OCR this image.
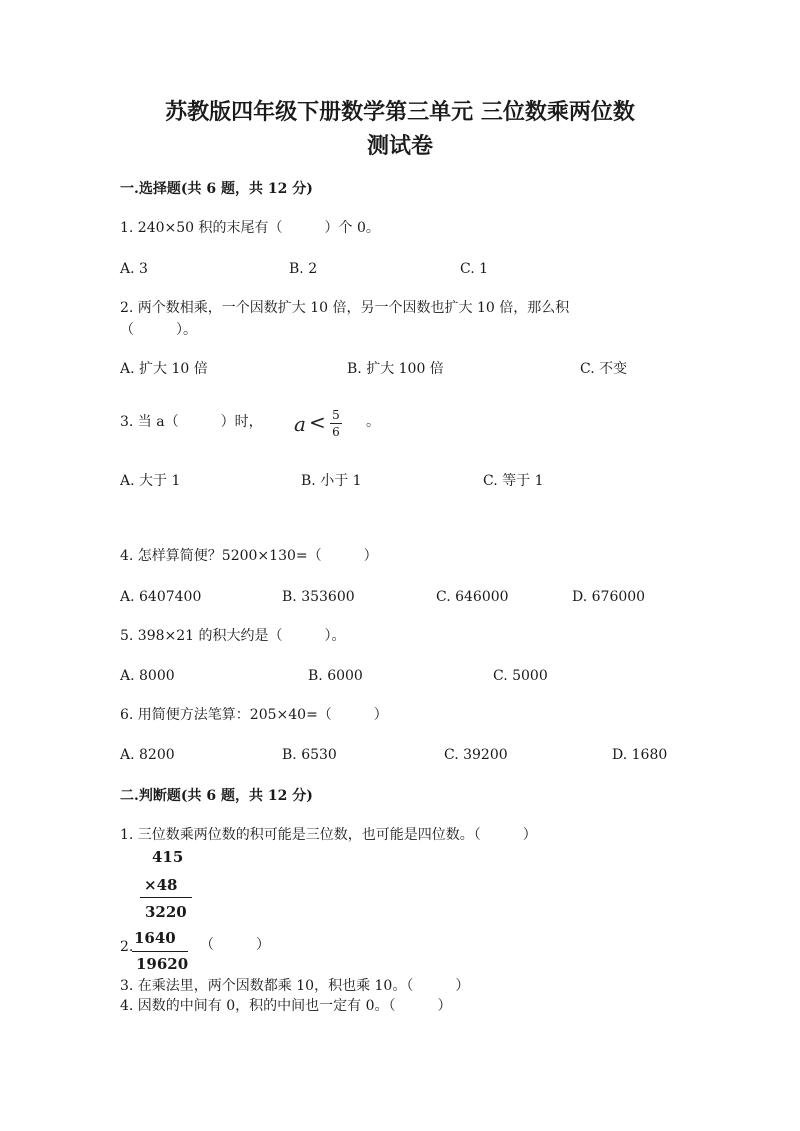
苏教版四年级下册数学第三单元 三位数乘两位数
测试卷
一.选择题(共 6 题，共 12 分)
1. 240×50 积的末尾有（　　　）个 0。
A. 3	B. 2	C. 1
2. 两个数相乘，一个因数扩大 10 倍，另一个因数也扩大 10 倍，那么积
（　　　）。
A. 扩大 10 倍	B. 扩大 100 倍	C. 不变
3. 当 a（　　　）时， a < 5
6
。
A. 大于 1	B. 小于 1	C. 等于 1
4. 怎样算简便？5200×130=（　　　）
A. 6407400	B. 353600	C. 646000	D. 676000
5. 398×21 的积大约是（　　　）。
A. 8000	B. 6000	C. 5000
6. 用简便方法笔算：205×40=（　　　）
A. 8200	B. 6530	C. 39200	D. 1680
二.判断题(共 6 题，共 12 分)
1. 三位数乘两位数的积可能是三位数，也可能是四位数。（　　　）
415
×48
3220
1640
19620
2.	（　　　）
3. 在乘法里，两个因数都乘 10，积也乘 10。（　　　）
4. 因数的中间有 0，积的中间也一定有 0。（　　　）
